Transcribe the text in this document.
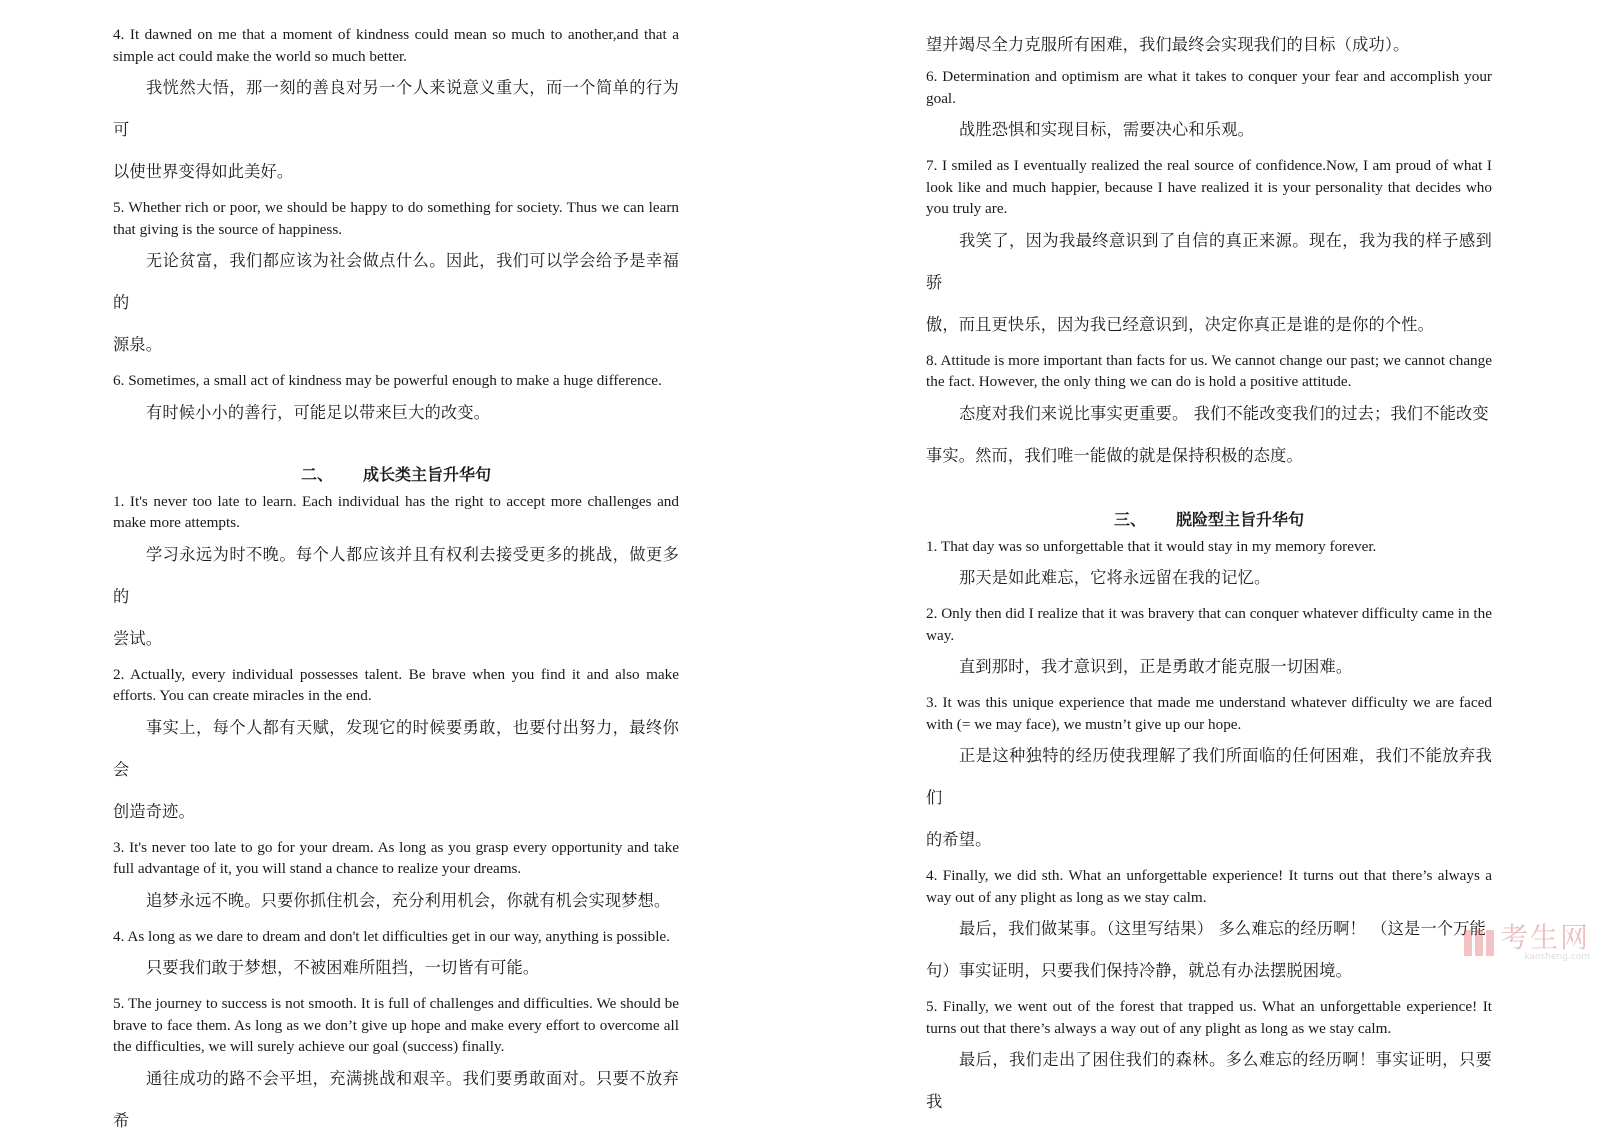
4. It dawned on me that a moment of kindness could mean so much to another,and that a simple act could make the world so much better.

我恍然大悟，那一刻的善良对另一个人来说意义重大，而一个简单的行为可

以使世界变得如此美好。

5. Whether rich or poor, we should be happy to do something for society. Thus we can learn that giving is the source of happiness.

无论贫富，我们都应该为社会做点什么。因此，我们可以学会给予是幸福的

源泉。

6. Sometimes, a small act of kindness may be powerful enough to make a huge difference.

有时候小小的善行，可能足以带来巨大的改变。

二、 成长类主旨升华句

1. It's never too late to learn. Each individual has the right to accept more challenges and make more attempts.

学习永远为时不晚。每个人都应该并且有权利去接受更多的挑战，做更多的

尝试。

2. Actually, every individual possesses talent. Be brave when you find it and also make efforts. You can create miracles in the end.

事实上，每个人都有天赋，发现它的时候要勇敢，也要付出努力，最终你会

创造奇迹。

3. It's never too late to go for your dream. As long as you grasp every opportunity and take full advantage of it, you will stand a chance to realize your dreams.

追梦永远不晚。只要你抓住机会，充分利用机会，你就有机会实现梦想。

4. As long as we dare to dream and don't let difficulties get in our way, anything is possible.

只要我们敢于梦想，不被困难所阻挡，一切皆有可能。

5. The journey to success is not smooth. It is full of challenges and difficulties. We should be brave to face them. As long as we don’t give up hope and make every effort to overcome all the difficulties, we will surely achieve our goal (success) finally.

通往成功的路不会平坦，充满挑战和艰辛。我们要勇敢面对。只要不放弃希

望并竭尽全力克服所有困难，我们最终会实现我们的目标（成功）。

6. Determination and optimism are what it takes to conquer your fear and accomplish your goal.

战胜恐惧和实现目标，需要决心和乐观。

7. I smiled as I eventually realized the real source of confidence.Now, I am proud of what I look like and much happier, because I have realized it is your personality that decides who you truly are.

我笑了，因为我最终意识到了自信的真正来源。现在，我为我的样子感到骄

傲，而且更快乐，因为我已经意识到，决定你真正是谁的是你的个性。

8. Attitude is more important than facts for us. We cannot change our past; we cannot change the fact. However, the only thing we can do is hold a positive attitude.

态度对我们来说比事实更重要。 我们不能改变我们的过去；我们不能改变

事实。然而，我们唯一能做的就是保持积极的态度。

三、 脱险型主旨升华句

1. That day was so unforgettable that it would stay in my memory forever.

那天是如此难忘，它将永远留在我的记忆。

2. Only then did I realize that it was bravery that can conquer whatever difficulty came in the way.

直到那时，我才意识到，正是勇敢才能克服一切困难。

3. It was this unique experience that made me understand whatever difficulty we are faced with (= we may face), we mustn’t give up our hope.

正是这种独特的经历使我理解了我们所面临的任何困难，我们不能放弃我们

的希望。

4. Finally, we did sth. What an unforgettable experience! It turns out that there’s always a way out of any plight as long as we stay calm.

最后，我们做某事。（这里写结果） 多么难忘的经历啊！ （这是一个万能

句）事实证明，只要我们保持冷静，就总有办法摆脱困境。

5. Finally, we went out of the forest that trapped us. What an unforgettable experience! It turns out that there’s always a way out of any plight as long as we stay calm.

最后，我们走出了困住我们的森林。多么难忘的经历啊！事实证明，只要我

考生网
kaosheng.com
